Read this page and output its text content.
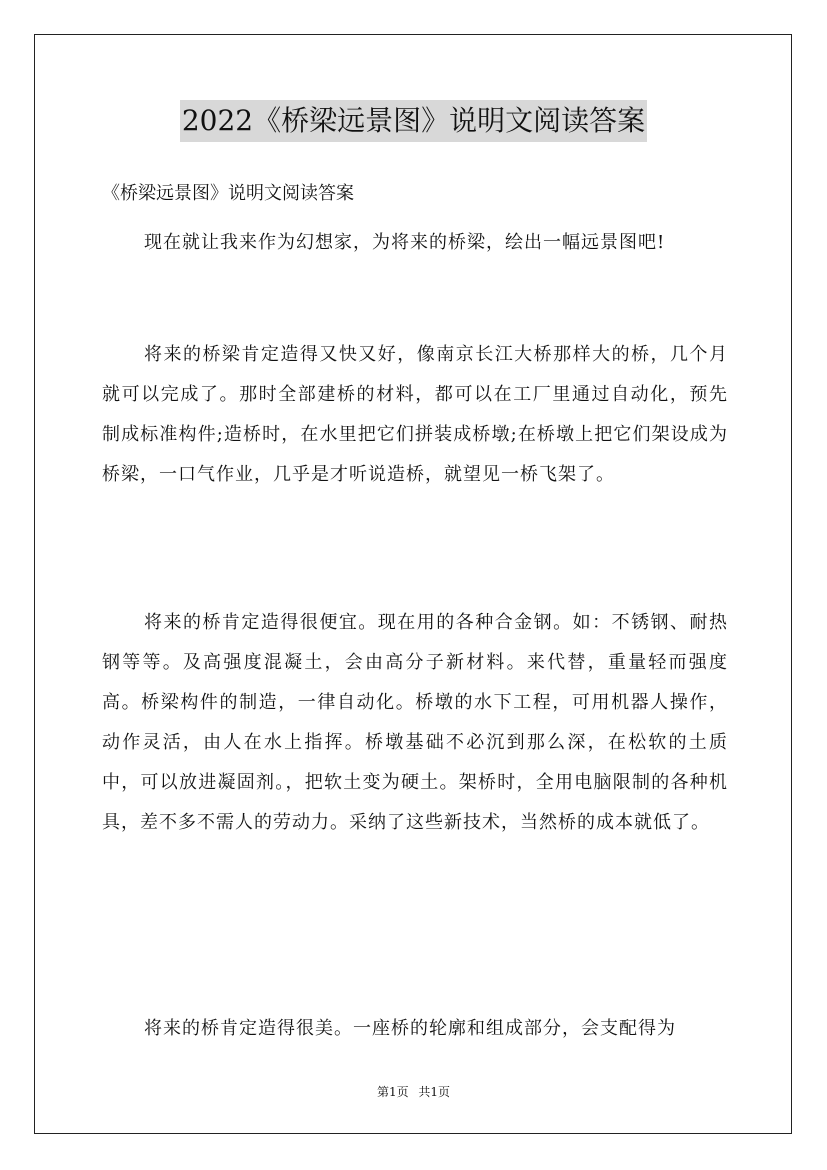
2022《桥梁远景图》说明文阅读答案
《桥梁远景图》说明文阅读答案

现在就让我来作为幻想家，为将来的桥梁，绘出一幅远景图吧!

将来的桥梁肯定造得又快又好，像南京长江大桥那样大的桥，几个月就可以完成了。那时全部建桥的材料，都可以在工厂里通过自动化，预先制成标准构件;造桥时，在水里把它们拼装成桥墩;在桥墩上把它们架设成为桥梁，一口气作业，几乎是才听说造桥，就望见一桥飞架了。

将来的桥肯定造得很便宜。现在用的各种合金钢。如：不锈钢、耐热钢等等。及高强度混凝土，会由高分子新材料。来代替，重量轻而强度高。桥梁构件的制造，一律自动化。桥墩的水下工程，可用机器人操作，动作灵活，由人在水上指挥。桥墩基础不必沉到那么深，在松软的土质中，可以放进凝固剂。，把软土变为硬土。架桥时，全用电脑限制的各种机具，差不多不需人的劳动力。采纳了这些新技术，当然桥的成本就低了。

将来的桥肯定造得很美。一座桥的轮廓和组成部分，会支配得为

第1页 共1页
